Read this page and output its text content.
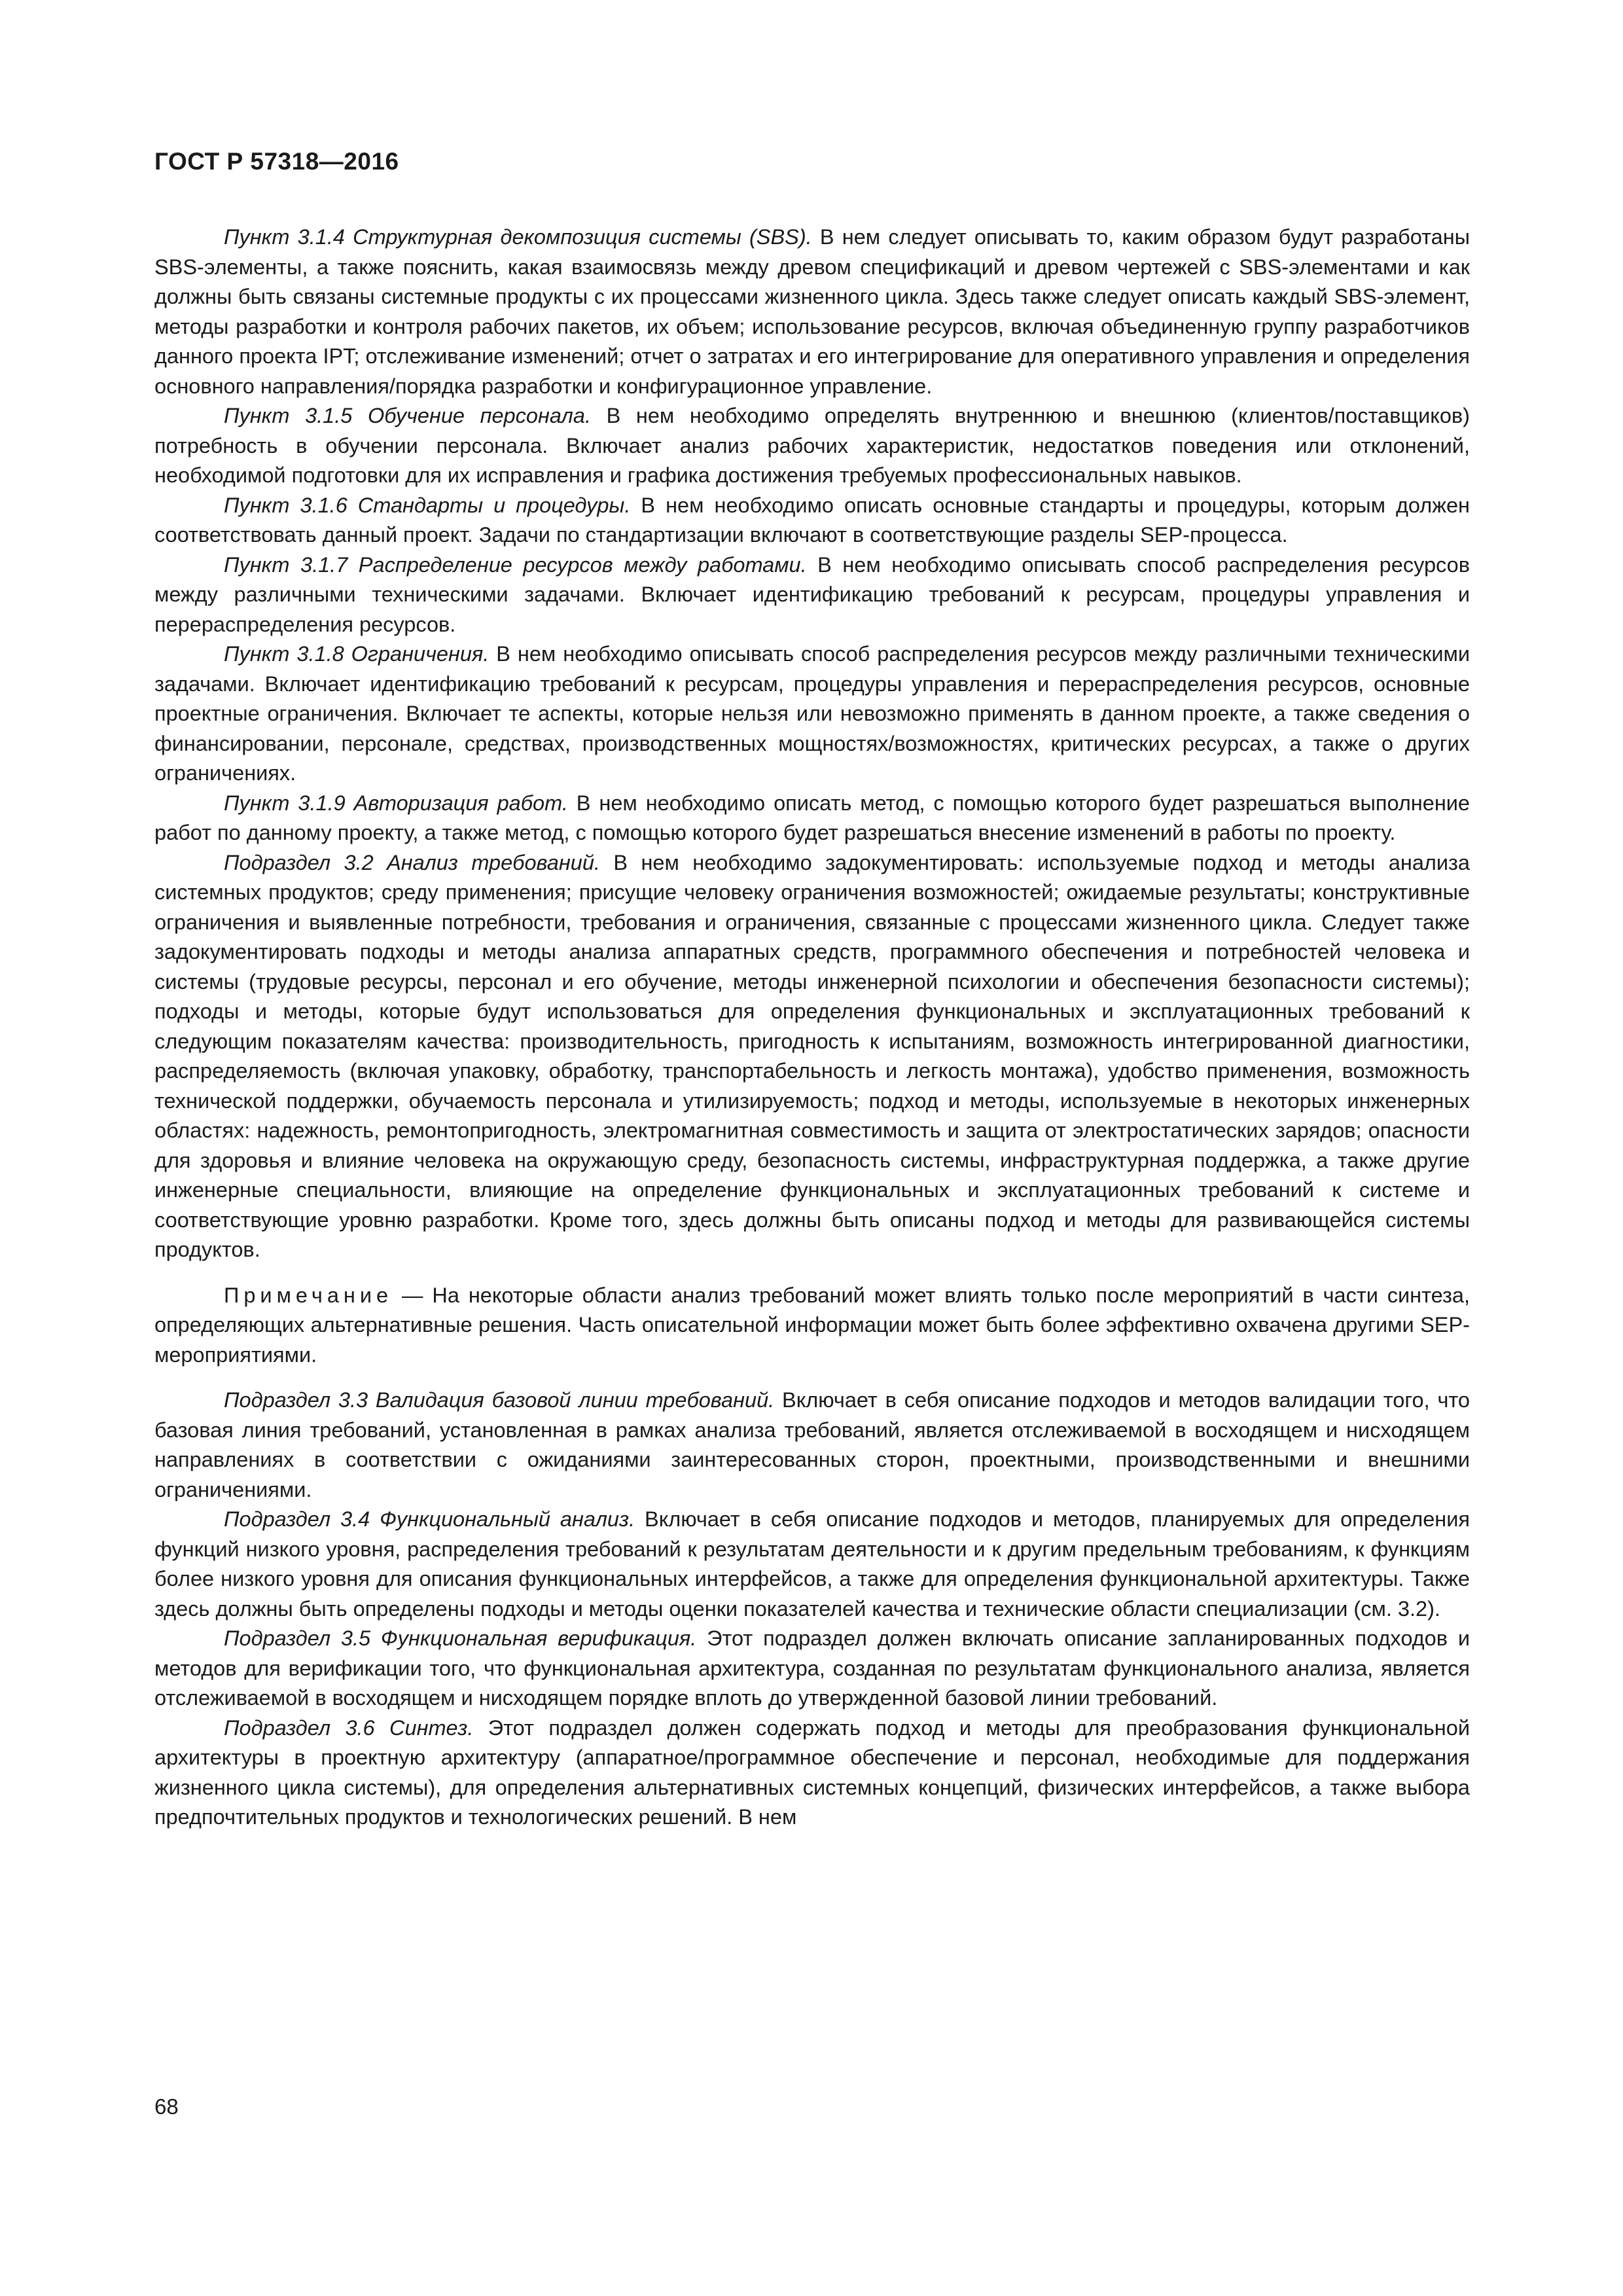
ГОСТ Р 57318—2016

Пункт 3.1.4 Структурная декомпозиция системы (SBS). В нем следует описывать то, каким образом будут разработаны SBS-элементы, а также пояснить, какая взаимосвязь между древом спецификаций и древом чертежей с SBS-элементами и как должны быть связаны системные продукты с их процессами жизненного цикла. Здесь также следует описать каждый SBS-элемент, методы разработки и контроля рабочих пакетов, их объем; использование ресурсов, включая объединенную группу разработчиков данного проекта IPT; отслеживание изменений; отчет о затратах и его интегрирование для оперативного управления и определения основного направления/порядка разработки и конфигурационное управление.

Пункт 3.1.5 Обучение персонала. В нем необходимо определять внутреннюю и внешнюю (клиентов/поставщиков) потребность в обучении персонала. Включает анализ рабочих характеристик, недостатков поведения или отклонений, необходимой подготовки для их исправления и графика достижения требуемых профессиональных навыков.

Пункт 3.1.6 Стандарты и процедуры. В нем необходимо описать основные стандарты и процедуры, которым должен соответствовать данный проект. Задачи по стандартизации включают в соответствующие разделы SEP-процесса.

Пункт 3.1.7 Распределение ресурсов между работами. В нем необходимо описывать способ распределения ресурсов между различными техническими задачами. Включает идентификацию требований к ресурсам, процедуры управления и перераспределения ресурсов.

Пункт 3.1.8 Ограничения. В нем необходимо описывать способ распределения ресурсов между различными техническими задачами. Включает идентификацию требований к ресурсам, процедуры управления и перераспределения ресурсов, основные проектные ограничения. Включает те аспекты, которые нельзя или невозможно применять в данном проекте, а также сведения о финансировании, персонале, средствах, производственных мощностях/возможностях, критических ресурсах, а также о других ограничениях.

Пункт 3.1.9 Авторизация работ. В нем необходимо описать метод, с помощью которого будет разрешаться выполнение работ по данному проекту, а также метод, с помощью которого будет разрешаться внесение изменений в работы по проекту.

Подраздел 3.2 Анализ требований. В нем необходимо задокументировать: используемые подход и методы анализа системных продуктов; среду применения; присущие человеку ограничения возможностей; ожидаемые результаты; конструктивные ограничения и выявленные потребности, требования и ограничения, связанные с процессами жизненного цикла. Следует также задокументировать подходы и методы анализа аппаратных средств, программного обеспечения и потребностей человека и системы (трудовые ресурсы, персонал и его обучение, методы инженерной психологии и обеспечения безопасности системы); подходы и методы, которые будут использоваться для определения функциональных и эксплуатационных требований к следующим показателям качества: производительность, пригодность к испытаниям, возможность интегрированной диагностики, распределяемость (включая упаковку, обработку, транспортабельность и легкость монтажа), удобство применения, возможность технической поддержки, обучаемость персонала и утилизируемость; подход и методы, используемые в некоторых инженерных областях: надежность, ремонтопригодность, электромагнитная совместимость и защита от электростатических зарядов; опасности для здоровья и влияние человека на окружающую среду, безопасность системы, инфраструктурная поддержка, а также другие инженерные специальности, влияющие на определение функциональных и эксплуатационных требований к системе и соответствующие уровню разработки. Кроме того, здесь должны быть описаны подход и методы для развивающейся системы продуктов.

Примечание — На некоторые области анализ требований может влиять только после мероприятий в части синтеза, определяющих альтернативные решения. Часть описательной информации может быть более эффективно охвачена другими SEP-мероприятиями.

Подраздел 3.3 Валидация базовой линии требований. Включает в себя описание подходов и методов валидации того, что базовая линия требований, установленная в рамках анализа требований, является отслеживаемой в восходящем и нисходящем направлениях в соответствии с ожиданиями заинтересованных сторон, проектными, производственными и внешними ограничениями.

Подраздел 3.4 Функциональный анализ. Включает в себя описание подходов и методов, планируемых для определения функций низкого уровня, распределения требований к результатам деятельности и к другим предельным требованиям, к функциям более низкого уровня для описания функциональных интерфейсов, а также для определения функциональной архитектуры. Также здесь должны быть определены подходы и методы оценки показателей качества и технические области специализации (см. 3.2).

Подраздел 3.5 Функциональная верификация. Этот подраздел должен включать описание запланированных подходов и методов для верификации того, что функциональная архитектура, созданная по результатам функционального анализа, является отслеживаемой в восходящем и нисходящем порядке вплоть до утвержденной базовой линии требований.

Подраздел 3.6 Синтез. Этот подраздел должен содержать подход и методы для преобразования функциональной архитектуры в проектную архитектуру (аппаратное/программное обеспечение и персонал, необходимые для поддержания жизненного цикла системы), для определения альтернативных системных концепций, физических интерфейсов, а также выбора предпочтительных продуктов и технологических решений. В нем

68
